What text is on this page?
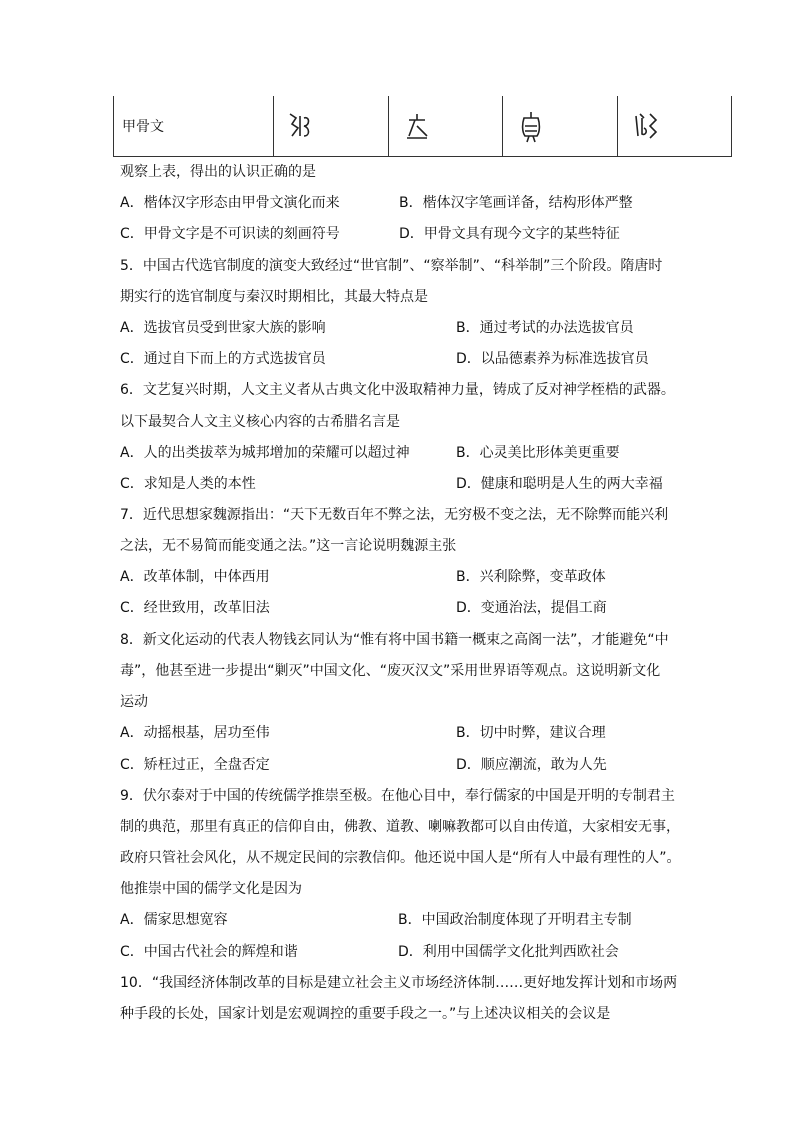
甲骨文	

观察上表，得出的认识正确的是
A．楷体汉字形态由甲骨文演化而来	B．楷体汉字笔画详备，结构形体严整
C．甲骨文字是不可识读的刻画符号	D．甲骨文具有现今文字的某些特征
5．中国古代选官制度的演变大致经过“世官制”、“察举制”、“科举制”三个阶段。隋唐时
期实行的选官制度与秦汉时期相比，其最大特点是
A．选拔官员受到世家大族的影响	B．通过考试的办法选拔官员
C．通过自下而上的方式选拔官员	D．以品德素养为标准选拔官员
6．文艺复兴时期，人文主义者从古典文化中汲取精神力量，铸成了反对神学桎梏的武器。
以下最契合人文主义核心内容的古希腊名言是
A．人的出类拔萃为城邦增加的荣耀可以超过神	B．心灵美比形体美更重要
C．求知是人类的本性	D．健康和聪明是人生的两大幸福
7．近代思想家魏源指出：“天下无数百年不弊之法，无穷极不变之法，无不除弊而能兴利
之法，无不易简而能变通之法。”这一言论说明魏源主张
A．改革体制，中体西用	B．兴利除弊，变革政体
C．经世致用，改革旧法	D．变通治法，提倡工商
8．新文化运动的代表人物钱玄同认为“惟有将中国书籍一概束之高阁一法”，才能避免“中
毒”，他甚至进一步提出“剿灭”中国文化、“废灭汉文”采用世界语等观点。这说明新文化
运动
A．动摇根基，居功至伟	B．切中时弊，建议合理
C．矫枉过正，全盘否定	D．顺应潮流，敢为人先
9．伏尔泰对于中国的传统儒学推崇至极。在他心目中，奉行儒家的中国是开明的专制君主
制的典范，那里有真正的信仰自由，佛教、道教、喇嘛教都可以自由传道，大家相安无事，
政府只管社会风化，从不规定民间的宗教信仰。他还说中国人是“所有人中最有理性的人”。
他推崇中国的儒学文化是因为
A．儒家思想宽容	B．中国政治制度体现了开明君主专制
C．中国古代社会的辉煌和谐	D．利用中国儒学文化批判西欧社会
10．“我国经济体制改革的目标是建立社会主义市场经济体制……更好地发挥计划和市场两
种手段的长处，国家计划是宏观调控的重要手段之一。”与上述决议相关的会议是
